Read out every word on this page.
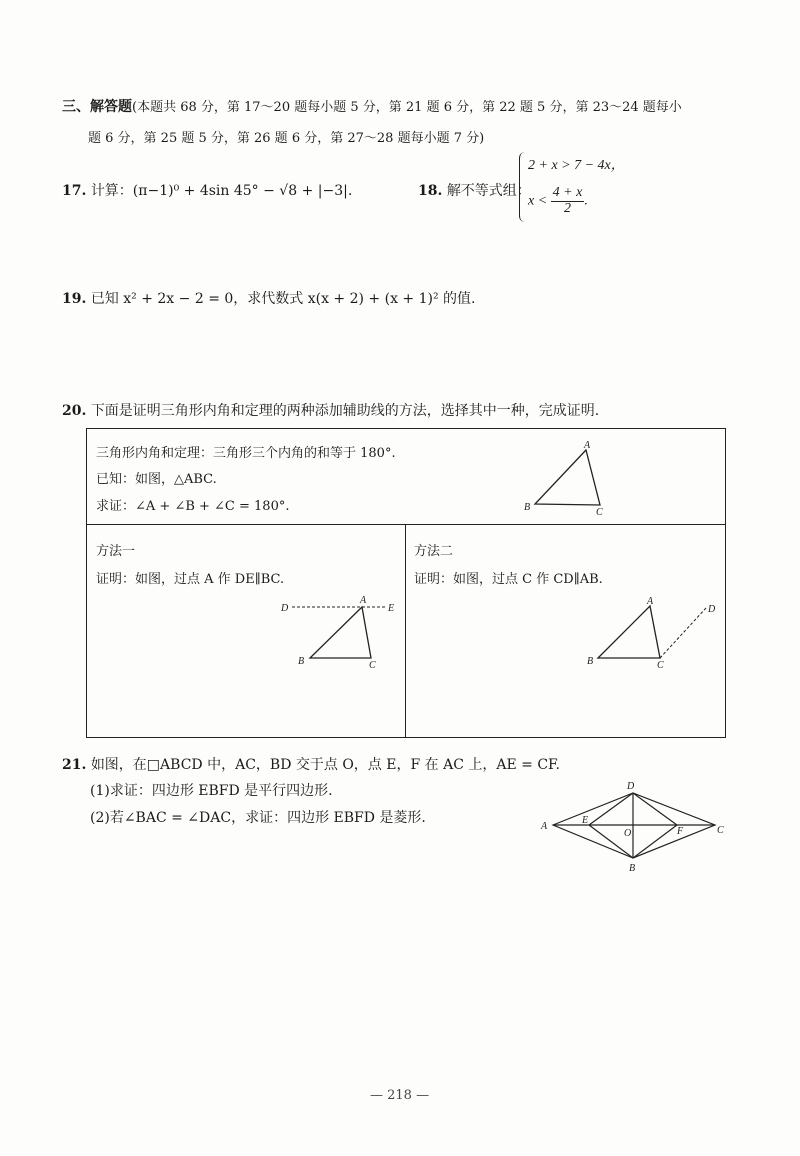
三、解答题(本题共 68 分，第 17～20 题每小题 5 分，第 21 题 6 分，第 22 题 5 分，第 23～24 题每小
题 6 分，第 25 题 5 分，第 26 题 6 分，第 27～28 题每小题 7 分)
17. 计算：(π−1)⁰ + 4sin 45° − √8 + |−3|.	18. 解不等式组：
2 + x > 7 − 4x，
$x < \frac{4 + x}{2}$ .
19. 已知 x² + 2x − 2 = 0，求代数式 x(x + 2) + (x + 1)² 的值.
20. 下面是证明三角形内角和定理的两种添加辅助线的方法，选择其中一种，完成证明.
三角形内角和定理：三角形三个内角的和等于 180°.
已知：如图，△ABC.
求证：∠A + ∠B + ∠C = 180°.
A
B	C
方法一
证明：如图，过点 A 作 DE∥BC.
D
A
E
B	C
方法二
证明：如图，过点 C 作 CD∥AB.
A
B	C
D
21. 如图，在□ABCD 中，AC，BD 交于点 O，点 E，F 在 AC 上，AE = CF.
(1)求证：四边形 EBFD 是平行四边形.
(2)若∠BAC = ∠DAC，求证：四边形 EBFD 是菱形.
D
A
E
O	F	C
B
— 218 —
